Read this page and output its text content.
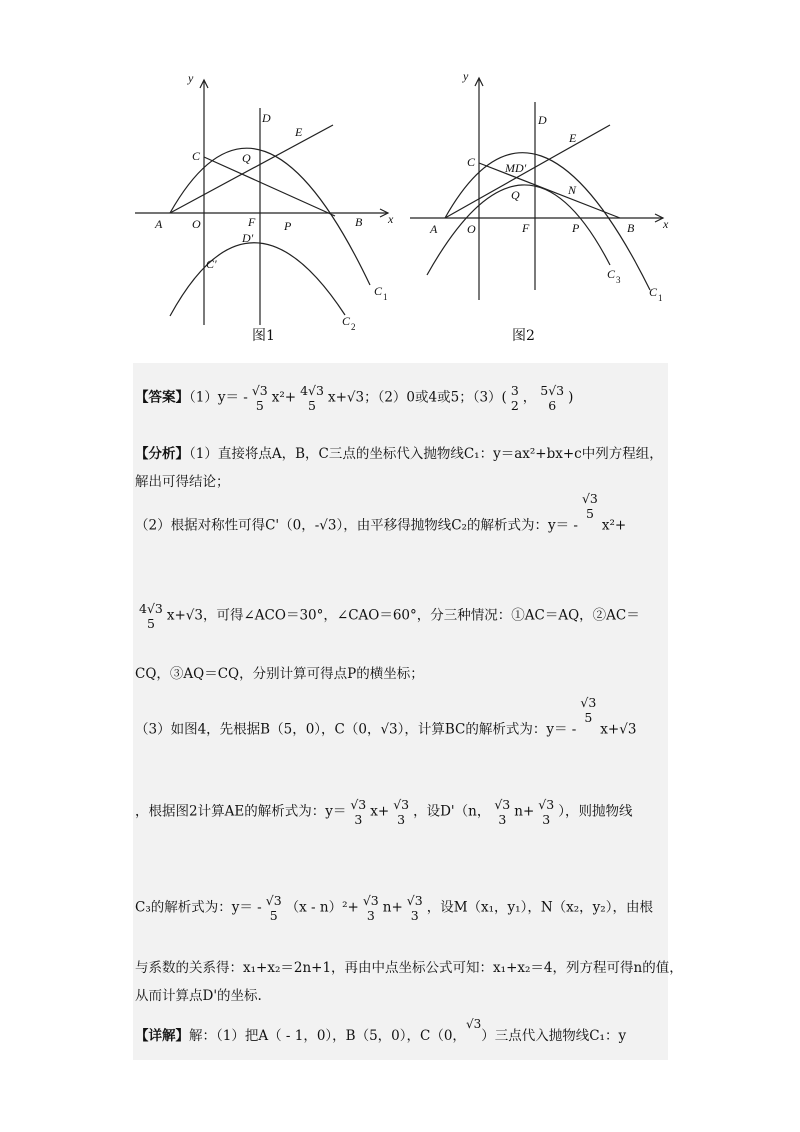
y
x
A O
C
D
E
Q
F P	B
D'
C'
C 1
C 2
图1
y
x
A O
C
D
E
MD'
Q	N
F	P	B
C 3
C 1
图2
【答案】（1）y＝ - √3
5 x²+ 4√3
5 x+√3；（2）0或4或5；（3）( 3
2 ， 5√3
6 )
【分析】（1）直接将点A，B，C三点的坐标代入抛物线C₁：y＝ax²+bx+c中列方程组，
解出可得结论；
（2）根据对称性可得C'（0，-√3），由平移得抛物线C₂的解析式为：y＝ -
√3
5
x²+
4√3
5 x+√3，可得∠ACO＝30°，∠CAO＝60°，分三种情况：①AC＝AQ，②AC＝
CQ，③AQ＝CQ，分别计算可得点P的横坐标；
（3）如图4，先根据B（5，0），C（0，√3），计算BC的解析式为：y＝ -
√3
5
x+√3
，根据图2计算AE的解析式为：y＝ √3
3 x+ √3
3 ，设D'（n， √3
3 n+ √3
3 ），则抛物线
C₃的解析式为：y＝ - √3
5 （x - n）²+ √3
3 n+ √3
3 ，设M（x₁，y₁），N（x₂，y₂），由根
与系数的关系得：x₁+x₂＝2n+1，再由中点坐标公式可知：x₁+x₂＝4，列方程可得n的值，
从而计算点D'的坐标.
【详解】解：（1）把A（ - 1，0），B（5，0），C（0，√3）三点代入抛物线C₁：y
